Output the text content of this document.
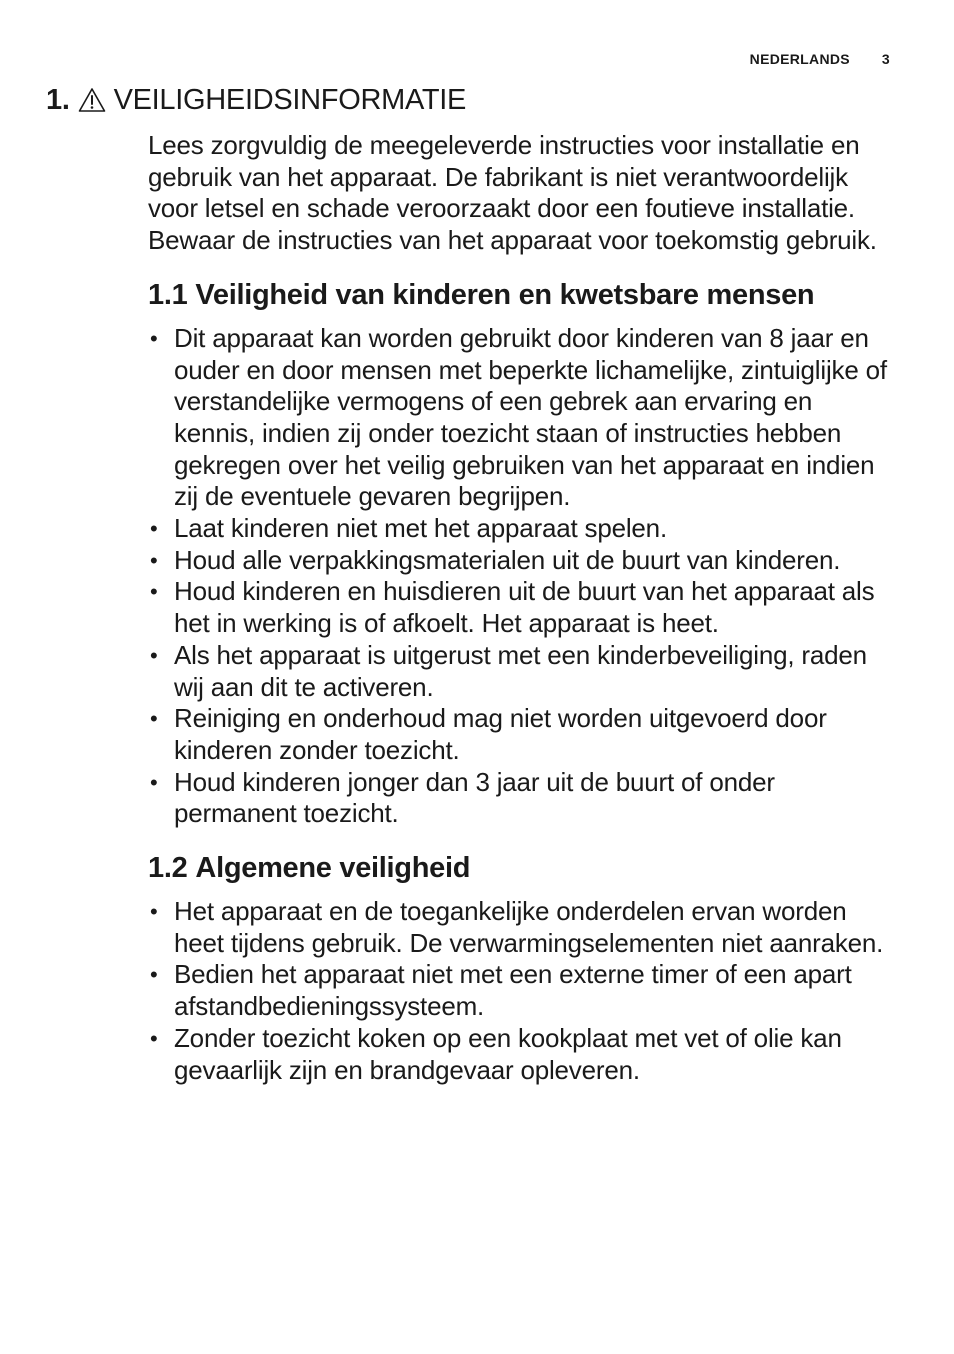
NEDERLANDS 3
1. VEILIGHEIDSINFORMATIE

Lees zorgvuldig de meegeleverde instructies voor installatie en gebruik van het apparaat. De fabrikant is niet verantwoordelijk voor letsel en schade veroorzaakt door een foutieve installatie. Bewaar de instructies van het apparaat voor toekomstig gebruik.

1.1 Veiligheid van kinderen en kwetsbare mensen
• Dit apparaat kan worden gebruikt door kinderen van 8 jaar en ouder en door mensen met beperkte lichamelijke, zintuiglijke of verstandelijke vermogens of een gebrek aan ervaring en kennis, indien zij onder toezicht staan of instructies hebben gekregen over het veilig gebruiken van het apparaat en indien zij de eventuele gevaren begrijpen.
• Laat kinderen niet met het apparaat spelen.
• Houd alle verpakkingsmaterialen uit de buurt van kinderen.
• Houd kinderen en huisdieren uit de buurt van het apparaat als het in werking is of afkoelt. Het apparaat is heet.
• Als het apparaat is uitgerust met een kinderbeveiliging, raden wij aan dit te activeren.
• Reiniging en onderhoud mag niet worden uitgevoerd door kinderen zonder toezicht.
• Houd kinderen jonger dan 3 jaar uit de buurt of onder permanent toezicht.
1.2 Algemene veiligheid
• Het apparaat en de toegankelijke onderdelen ervan worden heet tijdens gebruik. De verwarmingselementen niet aanraken.
• Bedien het apparaat niet met een externe timer of een apart afstandbedieningssysteem.
• Zonder toezicht koken op een kookplaat met vet of olie kan gevaarlijk zijn en brandgevaar opleveren.
